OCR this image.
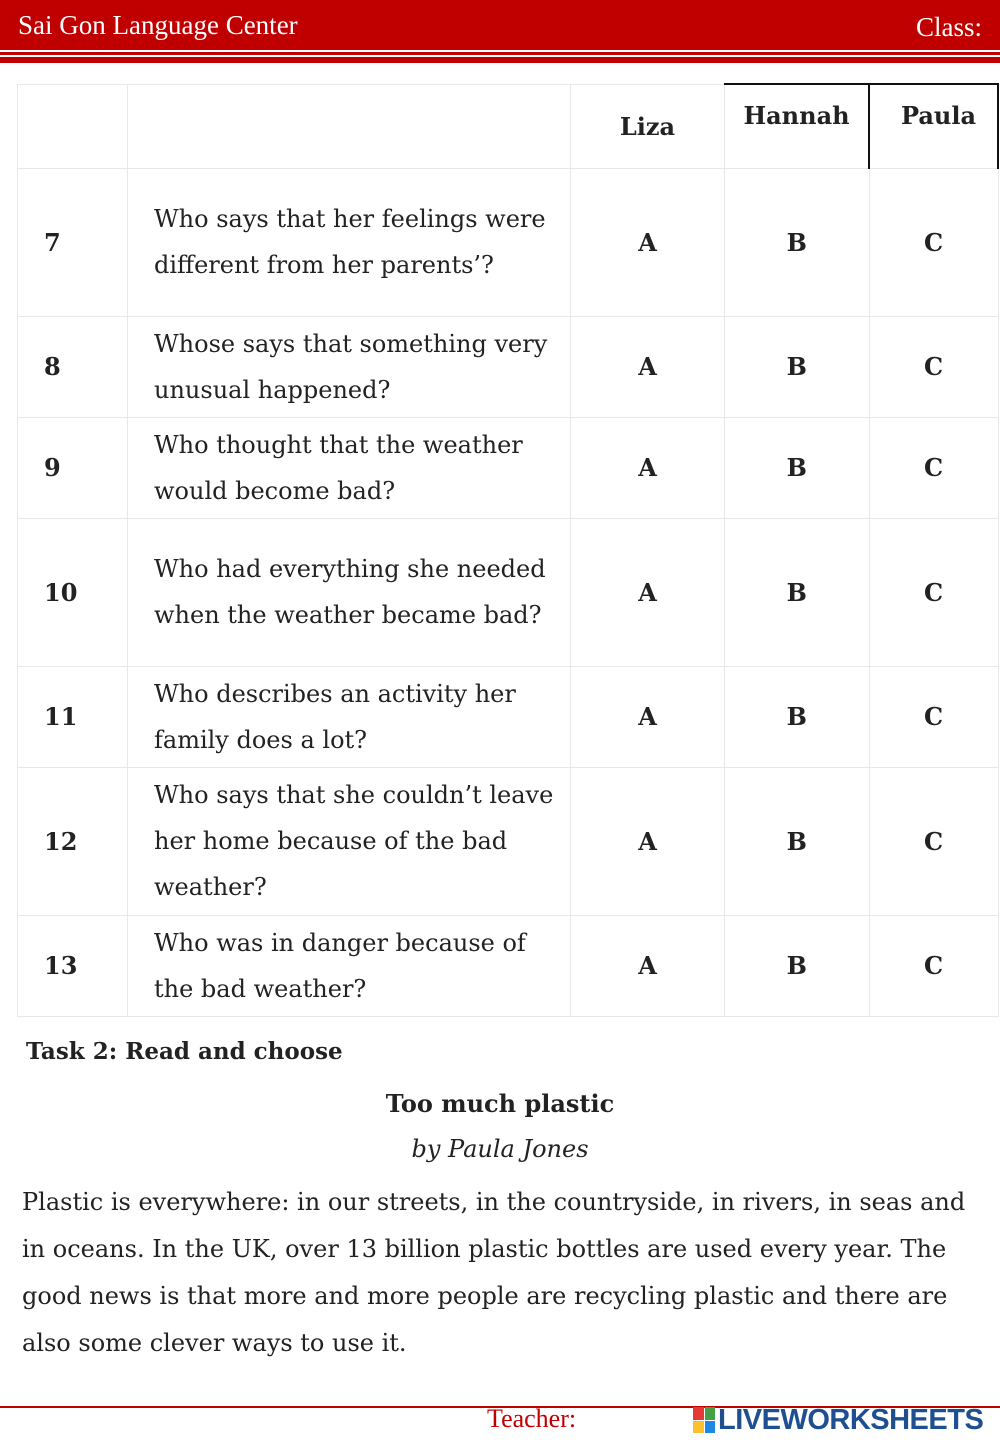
Sai Gon Language Center	Class:
		Liza	Hannah	Paula
7	Who says that her feelings were different from her parents’?	A	B	C
8	Whose says that something very unusual happened?	A	B	C
9	Who thought that the weather would become bad?	A	B	C
10	Who had everything she needed when the weather became bad?	A	B	C
11	Who describes an activity her family does a lot?	A	B	C
12	Who says that she couldn’t leave her home because of the bad weather?	A	B	C
13	Who was in danger because of the bad weather?	A	B	C
Task 2: Read and choose
Too much plastic
by Paula Jones
Plastic is everywhere: in our streets, in the countryside, in rivers, in seas and in oceans. In the UK, over 13 billion plastic bottles are used every year. The good news is that more and more people are recycling plastic and there are also some clever ways to use it.
Teacher:	LIVEWORKSHEETS
